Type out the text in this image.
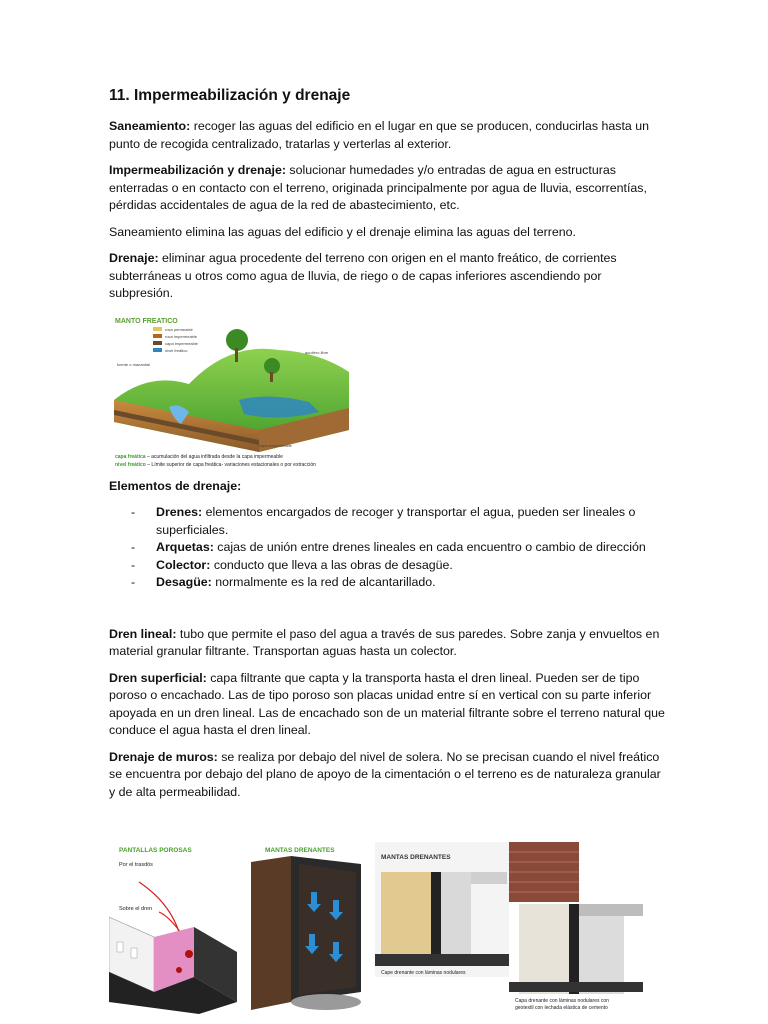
11. Impermeabilización y drenaje

Saneamiento: recoger las aguas del edificio en el lugar en que se producen, conducirlas hasta un punto de recogida centralizado, tratarlas y verterlas al exterior.

Impermeabilización y drenaje: solucionar humedades y/o entradas de agua en estructuras enterradas o en contacto con el terreno, originada principalmente por agua de lluvia, escorrentías, pérdidas accidentales de agua de la red de abastecimiento, etc.

Saneamiento elimina las aguas del edificio y el drenaje elimina las aguas del terreno.

Drenaje: eliminar agua procedente del terreno con origen en el manto freático, de corrientes subterráneas u otros como agua de lluvia, de riego o de capas inferiores ascendiendo por subpresión.

MANTO FREATICO
roca permeable
roca impermeable
capa impermeable
nivel freático
fuente o manantial
acuífero libre
capa impermeable
capa freática – acumulación del agua infiltrada desde la capa impermeable
nivel freático – Límite superior de capa freática- variaciones estacionales o por extracción

Elementos de drenaje:

- Drenes: elementos encargados de recoger y transportar el agua, pueden ser lineales o superficiales.
- Arquetas: cajas de unión entre drenes lineales en cada encuentro o cambio de dirección
- Colector: conducto que lleva a las obras de desagüe.
- Desagüe: normalmente es la red de alcantarillado.

Dren lineal: tubo que permite el paso del agua a través de sus paredes. Sobre zanja y envueltos en material granular filtrante. Transportan aguas hasta un colector.

Dren superficial: capa filtrante que capta y la transporta hasta el dren lineal. Pueden ser de tipo poroso o encachado. Las de tipo poroso son placas unidad entre sí en vertical con su parte inferior apoyada en un dren lineal. Las de encachado son de un material filtrante sobre el terreno natural que conduce el agua hasta el dren lineal.

Drenaje de muros: se realiza por debajo del nivel de solera. No se precisan cuando el nivel freático se encuentra por debajo del plano de apoyo de la cimentación o el terreno es de naturaleza granular y de alta permeabilidad.

PANTALLAS POROSAS
Por el trasdós
Sobre el dren
MANTAS DRENANTES
MANTAS DRENANTES
Cape drenante con láminas nodulares
Capa drenante con láminas nodulares con
geotextil con lechada elástica de cemento
